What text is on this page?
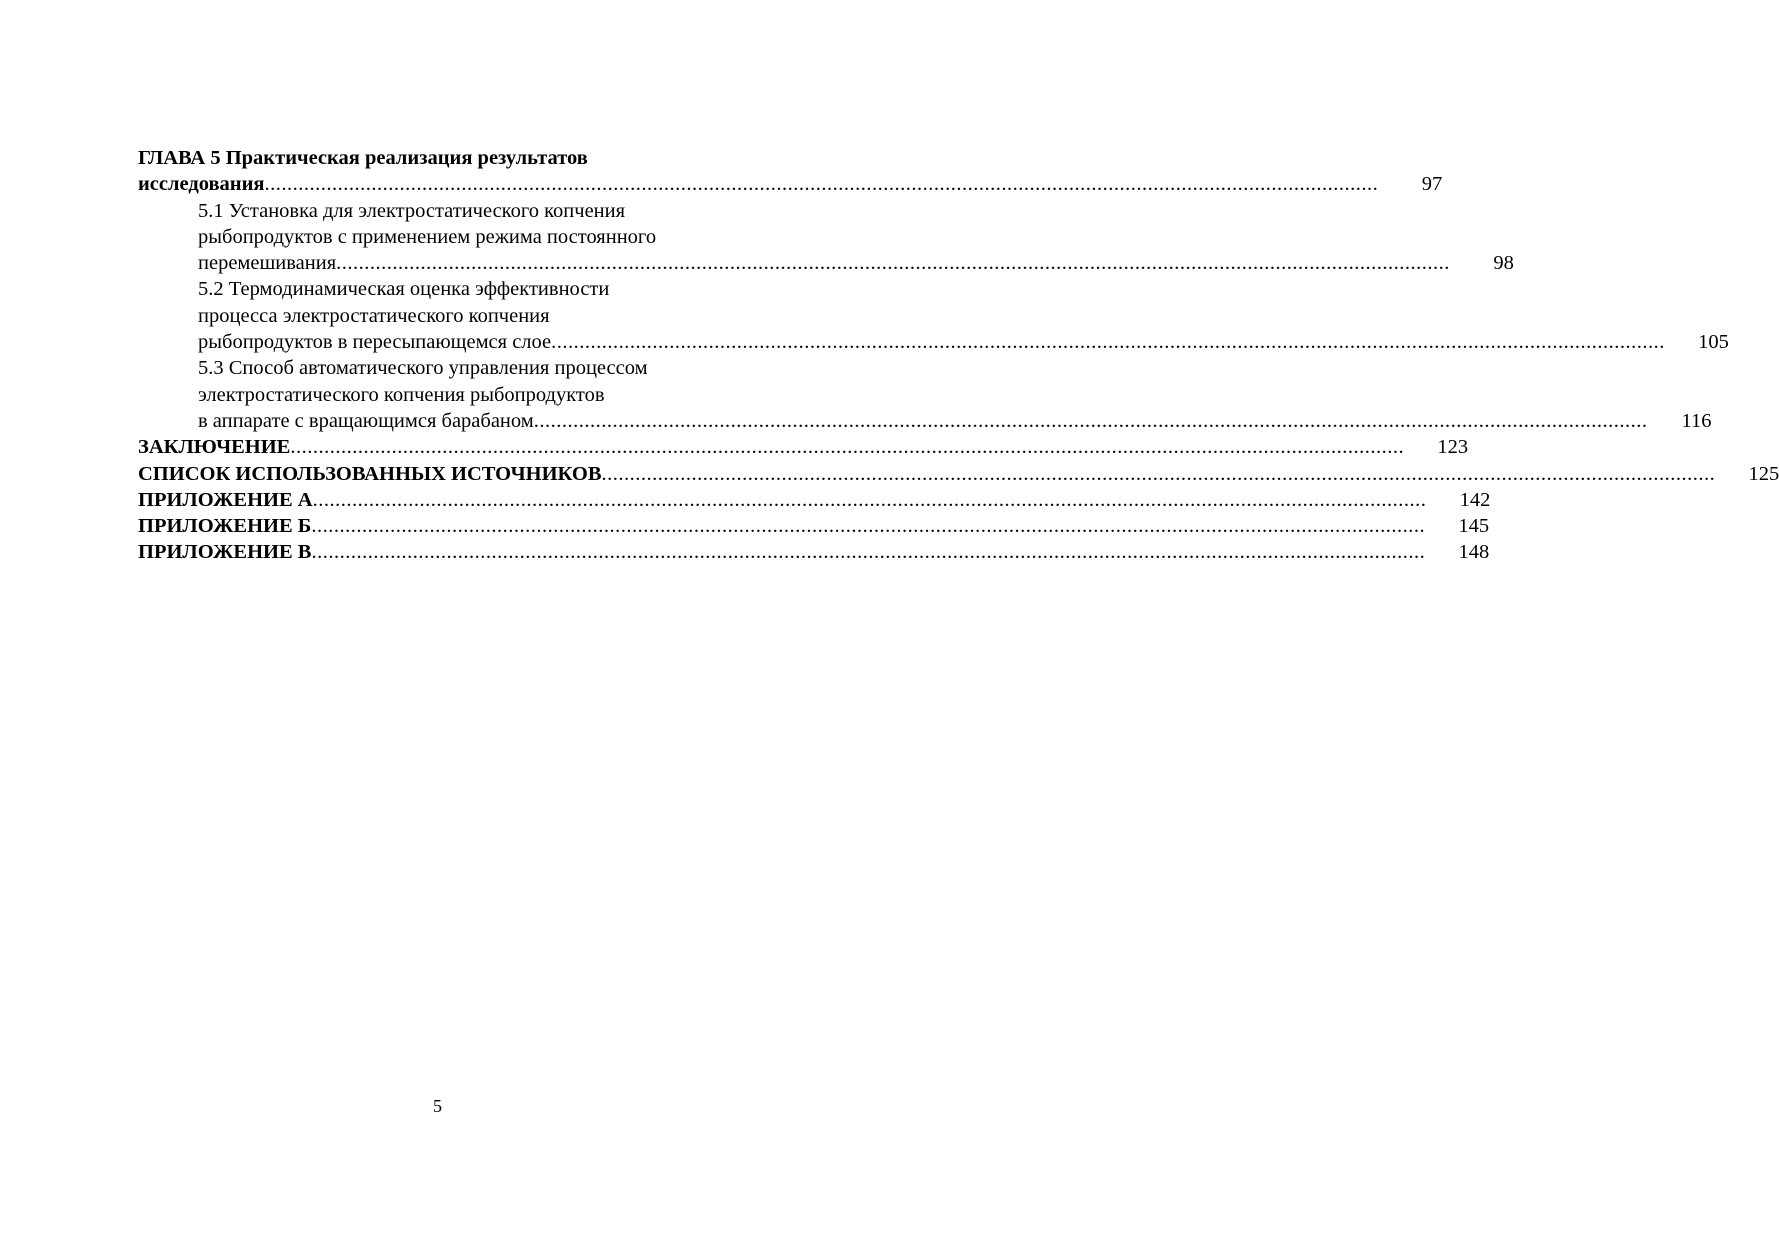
ГЛАВА 5 Практическая реализация результатов
исследования .....	97
5.1 Установка для электростатического копчения
рыбопродуктов с применением режима постоянного
перемешивания .....	98
5.2 Термодинамическая оценка эффективности
процесса электростатического копчения
рыбопродуктов в пересыпающемся слое .....	105
5.3 Способ автоматического управления процессом
электростатического копчения рыбопродуктов
в аппарате с вращающимся барабаном .....	116
ЗАКЛЮЧЕНИЕ .....	123
СПИСОК ИСПОЛЬЗОВАННЫХ ИСТОЧНИКОВ .....	125
ПРИЛОЖЕНИЕ А .....	142
ПРИЛОЖЕНИЕ Б .....	145
ПРИЛОЖЕНИЕ В .....	148
5
